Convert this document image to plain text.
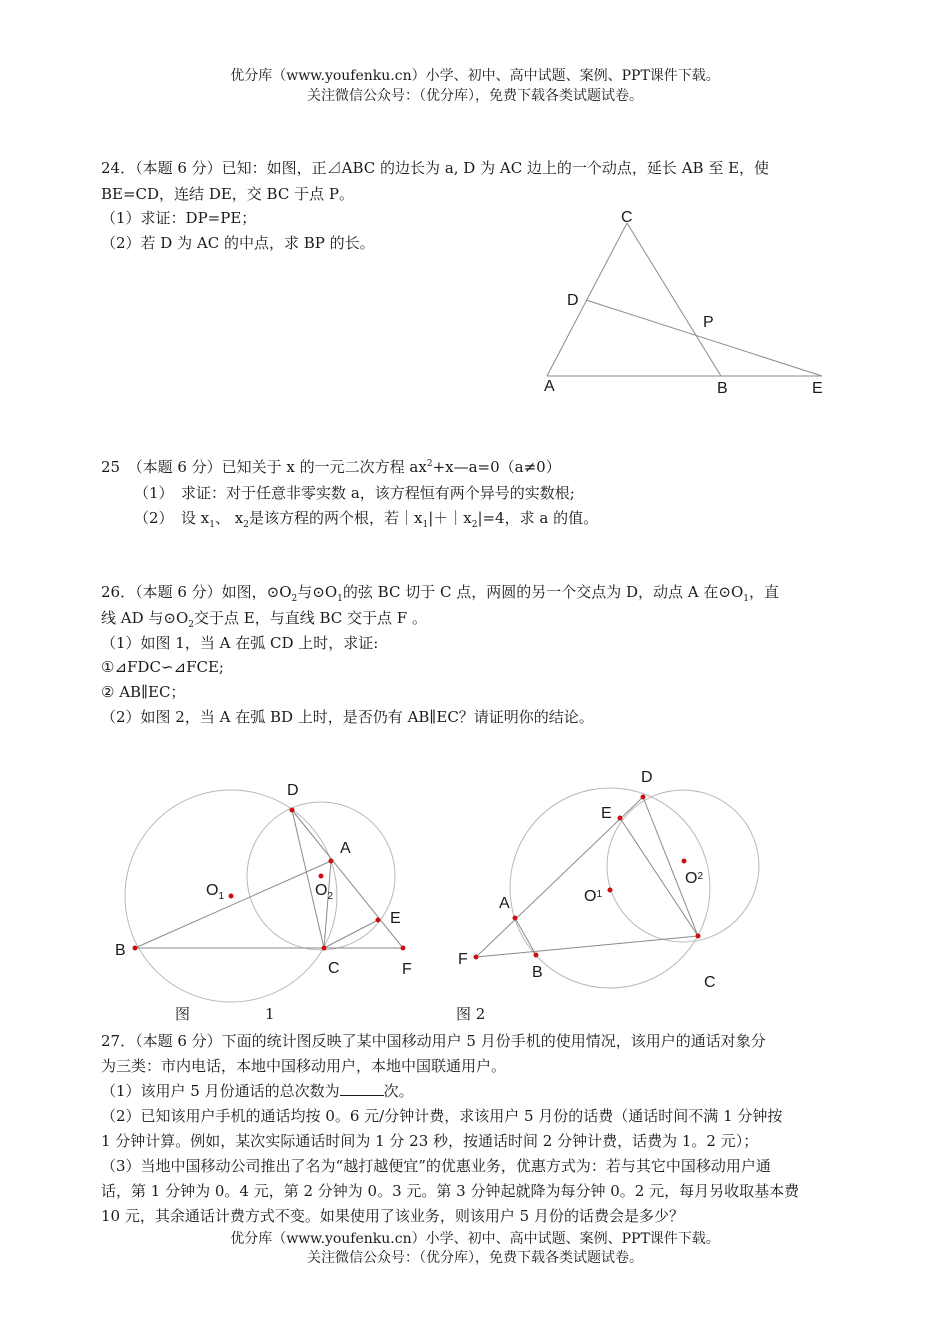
优分库（www.youfenku.cn）小学、初中、高中试题、案例、PPT课件下载。
关注微信公众号：（优分库），免费下载各类试题试卷。
24．（本题 6 分）已知：如图，正⊿ABC 的边长为 a, D 为 AC 边上的一个动点，延长 AB 至 E，使
BE=CD，连结 DE，交 BC 于点 P。
（1）求证：DP=PE；
（2）若 D 为 AC 的中点，求 BP 的长。
C
D
P
A	B	E
25　（本题 6 分）已知关于 x 的一元二次方程 $ax^2+x—a=0(a\ne 0)$
（1）　求证：对于任意非零实数 a，该方程恒有两个异号的实数根;
（2）　设 $x_1$、 $x_2$是该方程的两个根，若$|x_1|+|x_2|=4$，求 a 的值。
26．（本题 6 分）如图，$⊙O_2$与$⊙O_1$的弦 BC 切于 C 点，两圆的另一个交点为 D，动点 A 在$⊙O_1$，直
线 AD 与$⊙O_2$交于点 E，与直线 BC 交于点 F 。
（1）如图 1，当 A 在弧 CD 上时，求证:
①⊿FDC∽⊿FCE;
② AB∥EC；
（2）如图 2，当 A 在弧 BD 上时，是否仍有 AB∥EC？请证明你的结论。
D
A
$O_1$	$O_2$
E
B
C	F
D
E
$O^2$
$O^1$
A
F
B
C
图	1	图 2
27．（本题 6 分）下面的统计图反映了某中国移动用户 5 月份手机的使用情况，该用户的通话对象分
为三类：市内电话，本地中国移动用户，本地中国联通用户。
（1）该用户 5 月份通话的总次数为	次。
（2）已知该用户手机的通话均按 0。6 元/分钟计费，求该用户 5 月份的话费（通话时间不满 1 分钟按
1 分钟计算。例如，某次实际通话时间为 1 分 23 秒，按通话时间 2 分钟计费，话费为 1。2 元）；
（3）当地中国移动公司推出了名为“越打越便宜”的优惠业务，优惠方式为：若与其它中国移动用户通
话，第 1 分钟为 0。4 元，第 2 分钟为 0。3 元。第 3 分钟起就降为每分钟 0。2 元，每月另收取基本费
10 元，其余通话计费方式不变。如果使用了该业务，则该用户 5 月份的话费会是多少？
优分库（www.youfenku.cn）小学、初中、高中试题、案例、PPT课件下载。
关注微信公众号：（优分库），免费下载各类试题试卷。
